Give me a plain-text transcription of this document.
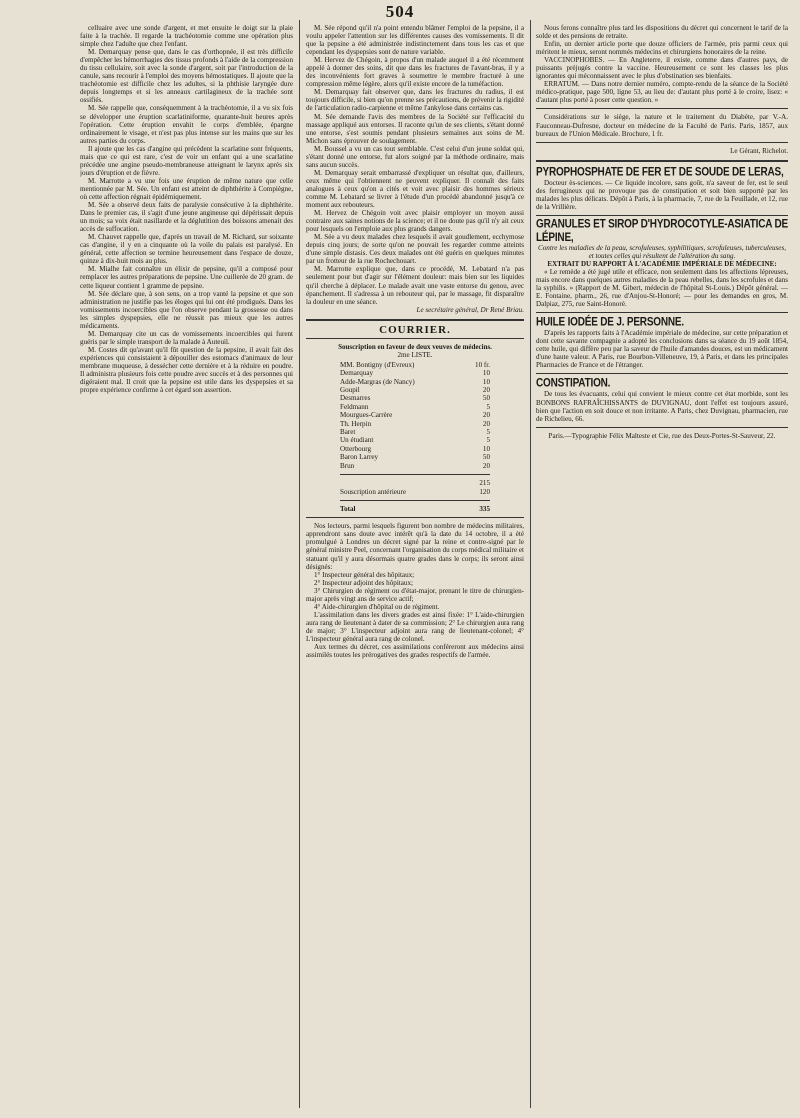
504

celluaire avec une sonde d'argent, et met ensuite le doigt sur la plaie faite à la trachée. Il regarde la trachéotomie comme une opération plus simple chez l'adulte que chez l'enfant.

M. Demarquay pense que, dans le cas d'orthopnée, il est très difficile d'empêcher les hémorrhagies des tissus profonds à l'aide de la compression du tissu cellulaire, soit avec la sonde d'argent, soit par l'introduction de la canule, sans recourir à l'emploi des moyens hémostatiques. Il ajoute que la trachéotomie est difficile chez les adultes, si la phthisie laryngée dure depuis longtemps et si les anneaux cartilagineux de la trachée sont ossifiés.

M. Sée rappelle que, conséquemment à la trachéotomie, il a vu six fois se développer une éruption scarlatiniforme, quarante-huit heures après l'opération. Cette éruption envahit le corps d'emblée, épargne ordinairement le visage, et n'est pas plus intense sur les mains que sur les autres parties du corps.

Il ajoute que les cas d'angine qui précèdent la scarlatine sont fréquents, mais que ce qui est rare, c'est de voir un enfant qui a une scarlatine précédée une angine pseudo-membraneuse atteignant le larynx après six jours d'éruption et de fièvre.

M. Marrotte a vu une fois une éruption de même nature que celle mentionnée par M. Sée. Un enfant est atteint de diphthérite à Compiègne, où cette affection régnait épidémiquement.

M. Sée a observé deux faits de paralysie consécutive à la diphthérite. Dans le premier cas, il s'agit d'une jeune angineuse qui dépérissait depuis un mois; sa voix était nasillarde et la déglutition des boissons amenait des accès de suffocation.

M. Chauvet rappelle que, d'après un travail de M. Richard, sur soixante cas d'angine, il y en a cinquante où la voile du palais est paralysé. En général, cette affection se termine heureusement dans l'espace de douze, quinze à dix-huit mois au plus.

M. Mialhe fait connaître un élixir de pepsine, qu'il a composé pour remplacer les autres préparations de pepsine. Une cuillerée de 20 gram. de cette liqueur contient 1 gramme de pepsine.

M. Sée déclare que, à son sens, on a trop vanté la pepsine et que son administration ne justifie pas les éloges qui lui ont été prodigués. Dans les vomissements incoercibles que l'on observe pendant la grossesse ou dans les simples dyspepsies, elle ne réussit pas mieux que les autres médicaments.

M. Demarquay cite un cas de vomissements incoercibles qui furent guéris par le simple transport de la malade à Auteuil.

M. Costes dit qu'avant qu'il fût question de la pepsine, il avait fait des expériences qui consistaient à dépouiller des estomacs d'animaux de leur membrane muqueuse, à dessécher cette dernière et à la réduire en poudre. Il administra plusieurs fois cette poudre avec succès et à des personnes qui digéraient mal. Il croit que la pepsine est utile dans les dyspepsies et sa propre expérience confirme à cet égard son assertion.

M. Sée répond qu'il n'a point entendu blâmer l'emploi de la pepsine, il a voulu appeler l'attention sur les différentes causes des vomissements. Il dit que la pepsine a été administrée indistinctement dans tous les cas et que cependant les dyspepsies sont de nature variable.

M. Hervez de Chégoin, à propos d'un malade auquel il a été récemment appelé à donner des soins, dit que dans les fractures de l'avant-bras, il y a des inconvénients fort graves à soumettre le membre fracturé à une compression même légère, alors qu'il existe encore de la tuméfaction.

M. Demarquay fait observer que, dans les fractures du radius, il est toujours difficile, si bien qu'on prenne ses précautions, de prévenir la rigidité de l'articulation radio-carpienne et même l'ankylose dans certains cas.

M. Sée demande l'avis des membres de la Société sur l'efficacité du massage appliqué aux entorses. Il raconte qu'un de ses clients, s'étant donné une entorse, s'est soumis pendant plusieurs semaines aux soins de M. Michon sans éprouver de soulagement.

M. Boussel a vu un cas tout semblable. C'est celui d'un jeune soldat qui, s'étant donné une entorse, fut alors soigné par la méthode ordinaire, mais sans aucun succès.

M. Demarquay serait embarrassé d'expliquer un résultat que, d'ailleurs, ceux même qui l'obtiennent ne peuvent expliquer. Il connaît des faits analogues à ceux qu'on a cités et voit avec plaisir des hommes sérieux comme M. Lebatard se livrer à l'étude d'un procédé abandonné jusqu'à ce moment aux rebouteurs.

M. Hervez de Chégoin voit avec plaisir employer un moyen aussi contraire aux saines notions de la science; et il ne doute pas qu'il n'y ait ceux pour lesquels on l'emploie aux plus grands dangers.

M. Sée a vu deux malades chez lesquels il avait goudlement, ecchymose depuis cinq jours; de sorte qu'on ne pouvait les regarder comme atteints d'une simple distasis. Ces deux malades ont été guéris en quelques minutes par un frotteur de la rue Rochechouart.

M. Marrotte explique que, dans ce procédé, M. Lebatard n'a pas seulement pour but d'agir sur l'élément douleur: mais bien sur les liquides qu'il cherche à déplacer. Le malade avait une vaste entorse du genou, avec épanchement. Il s'adressa à un rebouteur qui, par le massage, fit disparaître la douleur en une séance.

Le secrétaire général, Dr René Briau.

COURRIER.

Souscription en faveur de deux veuves de médecins.

2me LISTE.

MM. Bontigny (d'Evreux)	10 fr.
Demarquay	10
Adde-Margras (de Nancy)	10
Goupil	20
Desmarres	50
Feldmann	5
Mourgues-Carrère	20
Th. Herpin	20
Baret	5
Un étudiant	5
Otterbourg	10
Baron Larrey	50
Brun	20
215
Souscription antérieure	120
Total	335

Nos lecteurs, parmi lesquels figurent bon nombre de médecins militaires, apprendront sans doute avec intérêt qu'à la date du 14 octobre, il a été promulgué à Londres un décret signé par la reine et contre-signé par le général ministre Peel, concernant l'organisation du corps médical militaire et statuant qu'il y aura désormais quatre grades dans le corps; ils seront ainsi désignés:

1° Inspecteur général des hôpitaux;

2° Inspecteur adjoint des hôpitaux;

3° Chirurgien de régiment ou d'état-major, prenant le titre de chirurgien-major après vingt ans de service actif;

4° Aide-chirurgien d'hôpital ou de régiment.

L'assimilation dans les divers grades est ainsi fixée: 1° L'aide-chirurgien aura rang de lieutenant à dater de sa commission; 2° Le chirurgien aura rang de major; 3° L'inspecteur adjoint aura rang de lieutenant-colonel; 4° L'inspecteur général aura rang de colonel.

Aux termes du décret, ces assimilations conféreront aux médecins ainsi assimilés toutes les prérogatives des grades respectifs de l'armée.

Nous ferons connaître plus tard les dispositions du décret qui concernent le tarif de la solde et des pensions de retraite.

Enfin, un dernier article porte que douze officiers de l'armée, pris parmi ceux qui méritent le mieux, seront nommés médecins et chirurgiens honoraires de la reine.

VACCINOPHOBES. — En Angleterre, il existe, comme dans d'autres pays, de puissants préjugés contre la vaccine. Heureusement ce sont les classes les plus ignorantes qui méconnaissent avec le plus d'obstination ses bienfaits.

ERRATUM. — Dans notre dernier numéro, compte-rendu de la séance de la Société médico-pratique, page 500, ligne 53, au lieu de: d'autant plus porté à le croire, lisez: « d'autant plus porté à poser cette question. »

Considérations sur le siège, la nature et le traitement du Diabète, par V.-A. Fauconneau-Dufresne, docteur en médecine de la Faculté de Paris. Paris, 1857, aux bureaux de l'Union Médicale. Brochure, 1 fr.

Le Gérant, Richelot.

PYROPHOSPHATE DE FER ET DE SOUDE DE LERAS,

Docteur ès-sciences. — Ce liquide incolore, sans goût, n'a saveur de fer, est le seul des ferrugineux qui ne provoque pas de constipation et soit bien supporté par les malades les plus délicats. Dépôt à Paris, à la pharmacie, 7, rue de la Feuillade, et 12, rue de la Vrillière.

GRANULES ET SIROP D'HYDROCOTYLE-ASIATICA DE LÉPINE,

Contre les maladies de la peau, scrofuleuses, syphilitiques, scrofuleuses, tuberculeuses, et toutes celles qui résultent de l'altération du sang.

EXTRAIT DU RAPPORT À L'ACADÉMIE IMPÉRIALE DE MÉDECINE:

« Le remède a été jugé utile et efficace, non seulement dans les affections lépreuses, mais encore dans quelques autres maladies de la peau rebelles, dans les scrofules et dans la syphilis. » (Rapport de M. Gibert, médecin de l'hôpital St-Louis.) Dépôt général. — E. Fontaine, pharm., 26, rue d'Anjou-St-Honoré; — pour les demandes en gros, M. Dalpiaz, 275, rue Saint-Honoré.

HUILE IODÉE DE J. PERSONNE.

D'après les rapports faits à l'Académie impériale de médecine, sur cette préparation et dont cette savante compagnie a adopté les conclusions dans sa séance du 19 août 1854, cette huile, qui diffère peu par la saveur de l'huile d'amandes douces, est un médicament d'une haute valeur. A Paris, rue Bourbon-Villeneuve, 19, à Paris, et dans les principales Pharmacies de France et de l'étranger.

CONSTIPATION.

De tous les évacuants, celui qui convient le mieux contre cet état morbide, sont les BONBONS RAFRAÎCHISSANTS de DUVIGNAU, dont l'effet est toujours assuré, bien que l'action en soit douce et non irritante. A Paris, chez Duvignau, pharmacien, rue de Richelieu, 66.

Paris.—Typographie Félix Malteste et Cie, rue des Deux-Portes-St-Sauveur, 22.
